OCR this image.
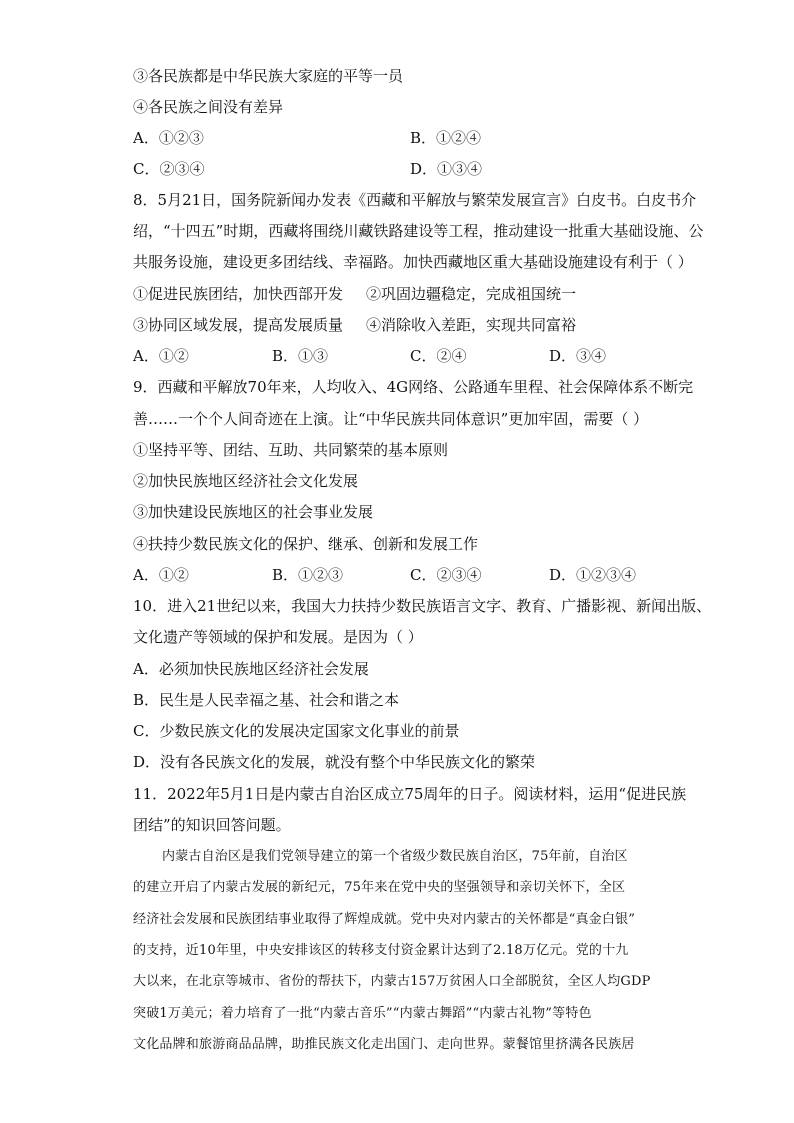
③各民族都是中华民族大家庭的平等一员
④各民族之间没有差异
A．①②③	B．①②④
C．②③④	D．①③④
8．5月21日，国务院新闻办发表《西藏和平解放与繁荣发展宣言》白皮书。白皮书介
绍，“十四五”时期，西藏将围绕川藏铁路建设等工程，推动建设一批重大基础设施、公
共服务设施，建设更多团结线、幸福路。加快西藏地区重大基础设施建设有利于（ ）
①促进民族团结，加快西部开发 ②巩固边疆稳定，完成祖国统一
③协同区域发展，提高发展质量 ④消除收入差距，实现共同富裕
A．①②	B．①③	C．②④	D．③④
9．西藏和平解放70年来，人均收入、4G网络、公路通车里程、社会保障体系不断完
善……一个个人间奇迹在上演。让“中华民族共同体意识”更加牢固，需要（ ）
①坚持平等、团结、互助、共同繁荣的基本原则
②加快民族地区经济社会文化发展
③加快建设民族地区的社会事业发展
④扶持少数民族文化的保护、继承、创新和发展工作
A．①②	B．①②③	C．②③④	D．①②③④
10．进入21世纪以来，我国大力扶持少数民族语言文字、教育、广播影视、新闻出版、
文化遗产等领域的保护和发展。是因为（ ）
A．必须加快民族地区经济社会发展
B．民生是人民幸福之基、社会和谐之本
C．少数民族文化的发展决定国家文化事业的前景
D．没有各民族文化的发展，就没有整个中华民族文化的繁荣
11．2022年5月1日是内蒙古自治区成立75周年的日子。阅读材料，运用“促进民族
团结”的知识回答问题。
内蒙古自治区是我们党领导建立的第一个省级少数民族自治区，75年前，自治区
的建立开启了内蒙古发展的新纪元，75年来在党中央的坚强领导和亲切关怀下，全区
经济社会发展和民族团结事业取得了辉煌成就。党中央对内蒙古的关怀都是“真金白银”
的支持，近10年里，中央安排该区的转移支付资金累计达到了2.18万亿元。党的十九
大以来，在北京等城市、省份的帮扶下，内蒙古157万贫困人口全部脱贫，全区人均GDP
突破1万美元；着力培育了一批“内蒙古音乐”“内蒙古舞蹈”“内蒙古礼物”等特色
文化品牌和旅游商品品牌，助推民族文化走出国门、走向世界。蒙餐馆里挤满各民族居
